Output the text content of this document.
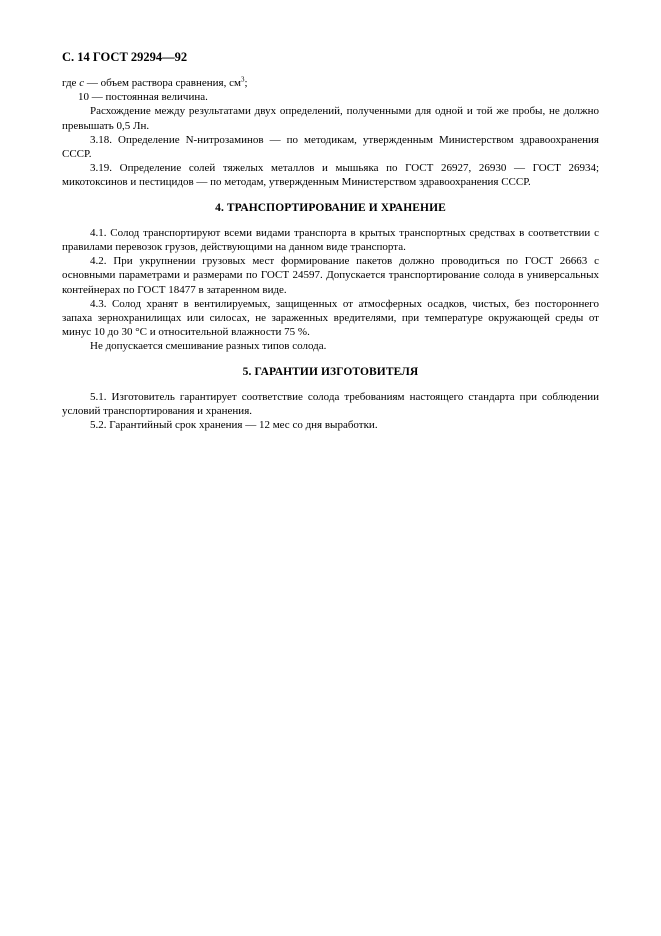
С. 14 ГОСТ 29294—92

где c — объем раствора сравнения, $см^3$;

10 — постоянная величина.

Расхождение между результатами двух определений, полученными для одной и той же пробы, не должно превышать 0,5 Лн.

3.18. Определение N-нитрозаминов — по методикам, утвержденным Министерством здравоохранения СССР.

3.19. Определение солей тяжелых металлов и мышьяка по ГОСТ 26927, 26930 — ГОСТ 26934; микотоксинов и пестицидов — по методам, утвержденным Министерством здравоохранения СССР.

4. ТРАНСПОРТИРОВАНИЕ И ХРАНЕНИЕ

4.1. Солод транспортируют всеми видами транспорта в крытых транспортных средствах в соответствии с правилами перевозок грузов, действующими на данном виде транспорта.

4.2. При укрупнении грузовых мест формирование пакетов должно проводиться по ГОСТ 26663 с основными параметрами и размерами по ГОСТ 24597. Допускается транспортирование солода в универсальных контейнерах по ГОСТ 18477 в затаренном виде.

4.3. Солод хранят в вентилируемых, защищенных от атмосферных осадков, чистых, без постороннего запаха зернохранилищах или силосах, не зараженных вредителями, при температуре окружающей среды от минус 10 до 30 °С и относительной влажности 75 %.

Не допускается смешивание разных типов солода.

5. ГАРАНТИИ ИЗГОТОВИТЕЛЯ

5.1. Изготовитель гарантирует соответствие солода требованиям настоящего стандарта при соблюдении условий транспортирования и хранения.

5.2. Гарантийный срок хранения — 12 мес со дня выработки.
